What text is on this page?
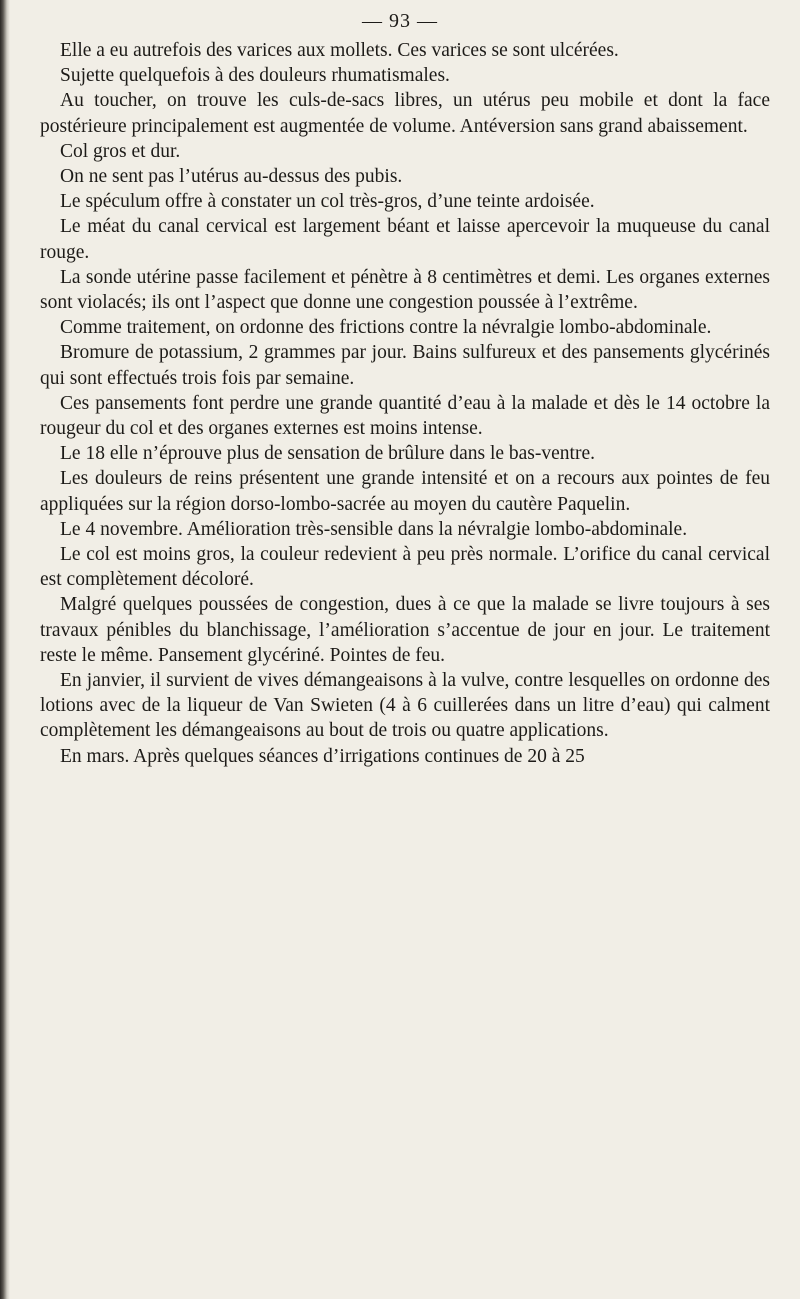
— 93 —

Elle a eu autrefois des varices aux mollets. Ces varices se sont ulcérées.

Sujette quelquefois à des douleurs rhumatismales.

Au toucher, on trouve les culs-de-sacs libres, un utérus peu mobile et dont la face postérieure principalement est augmentée de volume. Antéversion sans grand abaissement.

Col gros et dur.

On ne sent pas l’utérus au-dessus des pubis.

Le spéculum offre à constater un col très-gros, d’une teinte ardoisée.

Le méat du canal cervical est largement béant et laisse apercevoir la muqueuse du canal rouge.

La sonde utérine passe facilement et pénètre à 8 centimètres et demi. Les organes externes sont violacés; ils ont l’aspect que donne une congestion poussée à l’extrême.

Comme traitement, on ordonne des frictions contre la névralgie lombo-abdominale.

Bromure de potassium, 2 grammes par jour. Bains sulfureux et des pansements glycérinés qui sont effectués trois fois par semaine.

Ces pansements font perdre une grande quantité d’eau à la malade et dès le 14 octobre la rougeur du col et des organes externes est moins intense.

Le 18 elle n’éprouve plus de sensation de brûlure dans le bas-ventre.

Les douleurs de reins présentent une grande intensité et on a recours aux pointes de feu appliquées sur la région dorso-lombo-sacrée au moyen du cautère Paquelin.

Le 4 novembre. Amélioration très-sensible dans la névralgie lombo-abdominale.

Le col est moins gros, la couleur redevient à peu près normale. L’orifice du canal cervical est complètement décoloré.

Malgré quelques poussées de congestion, dues à ce que la malade se livre toujours à ses travaux pénibles du blanchissage, l’amélioration s’accentue de jour en jour. Le traitement reste le même. Pansement glycériné. Pointes de feu.

En janvier, il survient de vives démangeaisons à la vulve, contre lesquelles on ordonne des lotions avec de la liqueur de Van Swieten (4 à 6 cuillerées dans un litre d’eau) qui calment complètement les démangeaisons au bout de trois ou quatre applications.

En mars. Après quelques séances d’irrigations continues de 20 à 25
